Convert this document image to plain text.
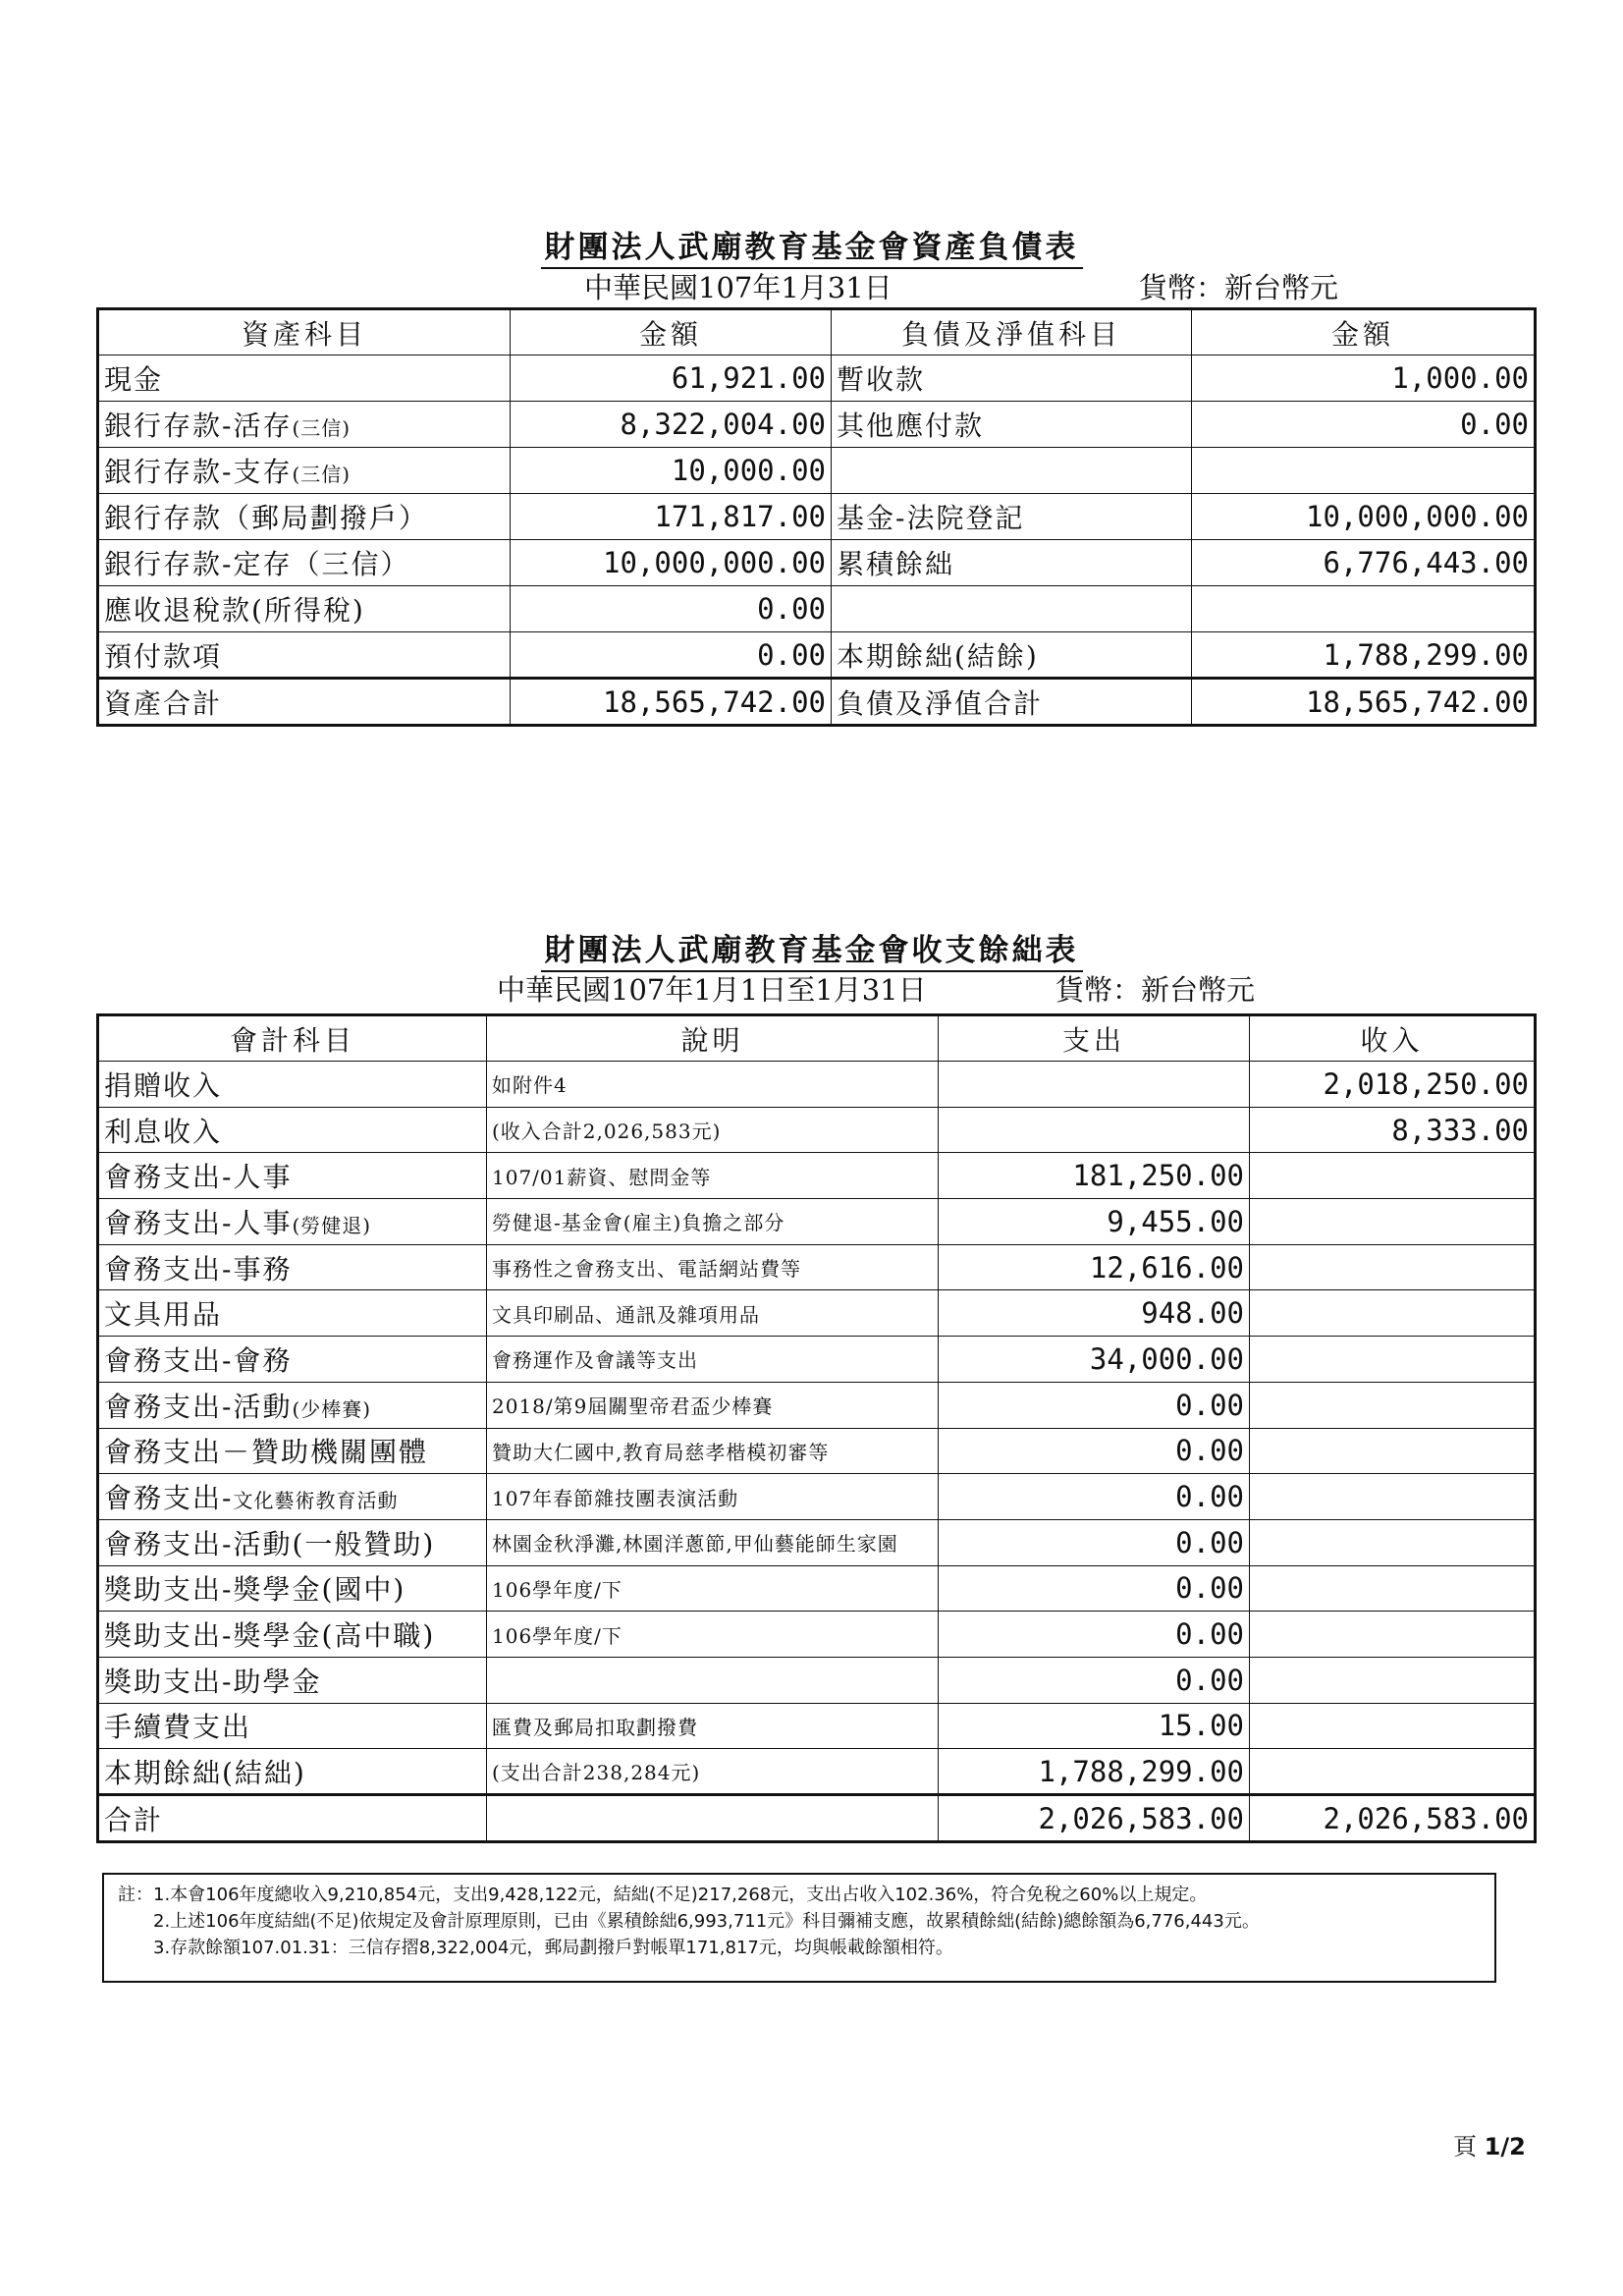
財團法人武廟教育基金會資產負債表
中華民國107年1月31日	貨幣：新台幣元
資產科目	金額	負債及淨值科目	金額
現金	61,921.00	暫收款	1,000.00
銀行存款-活存(三信)	8,322,004.00	其他應付款	0.00
銀行存款-支存(三信)	10,000.00		
銀行存款（郵局劃撥戶）	171,817.00	基金-法院登記	10,000,000.00
銀行存款-定存（三信）	10,000,000.00	累積餘絀	6,776,443.00
應收退稅款(所得稅)	0.00		
預付款項	0.00	本期餘絀(結餘)	1,788,299.00
資產合計	18,565,742.00	負債及淨值合計	18,565,742.00
財團法人武廟教育基金會收支餘絀表
中華民國107年1月1日至1月31日	貨幣：新台幣元
會計科目	說明	支出	收入
捐贈收入	如附件4		2,018,250.00
利息收入	(收入合計2,026,583元)		8,333.00
會務支出-人事	107/01薪資、慰問金等	181,250.00	
會務支出-人事(勞健退)	勞健退-基金會(雇主)負擔之部分	9,455.00	
會務支出-事務	事務性之會務支出、電話網站費等	12,616.00	
文具用品	文具印刷品、通訊及雜項用品	948.00	
會務支出-會務	會務運作及會議等支出	34,000.00	
會務支出-活動(少棒賽)	2018/第9屆關聖帝君盃少棒賽	0.00	
會務支出－贊助機關團體	贊助大仁國中,教育局慈孝楷模初審等	0.00	
會務支出-文化藝術教育活動	107年春節雜技團表演活動	0.00	
會務支出-活動(一般贊助)	林園金秋淨灘,林園洋蔥節,甲仙藝能師生家園	0.00	
獎助支出-獎學金(國中)	106學年度/下	0.00	
獎助支出-獎學金(高中職)	106學年度/下	0.00	
獎助支出-助學金		0.00	
手續費支出	匯費及郵局扣取劃撥費	15.00	
本期餘絀(結絀)	(支出合計238,284元)	1,788,299.00	
合計		2,026,583.00	2,026,583.00
註：1.本會106年度總收入9,210,854元，支出9,428,122元，結絀(不足)217,268元，支出占收入102.36%，符合免稅之60%以上規定。
2.上述106年度結絀(不足)依規定及會計原理原則，已由《累積餘絀6,993,711元》科目彌補支應，故累積餘絀(結餘)總餘額為6,776,443元。
3.存款餘額107.01.31：三信存摺8,322,004元，郵局劃撥戶對帳單171,817元，均與帳載餘額相符。
頁 1/2
